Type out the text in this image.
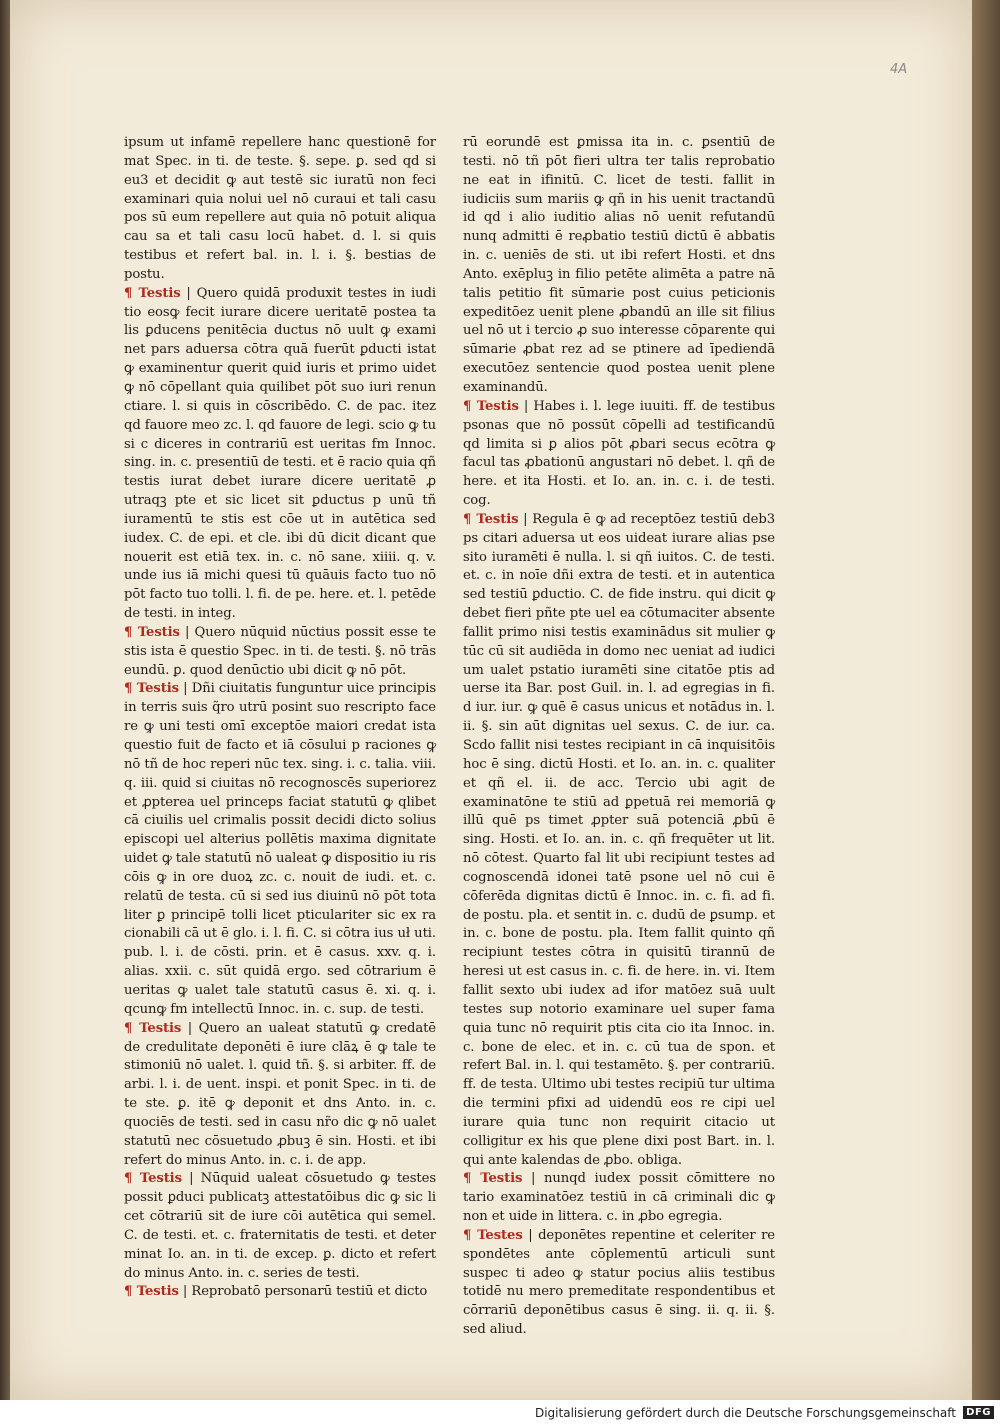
4A

ipsum ut infamē repellere hanc questionē for mat Spec. in ti. de teste. §. sepe. ꝑ. sed qd si eu3 et decidit ꝙ aut testē sic iuratū non feci examinari quia nolui uel nō curaui et tali casu pos sū eum repellere aut quia nō potuit aliqua cau sa et tali casu locū habet. d. l. si quis testibus et refert bal. in. l. i. §. bestias de postu.

¶ Testis | Quero quidā produxit testes in iudi tio eosꝙ fecit iurare dicere ueritatē postea ta lis ꝑducens penitēcia ductus nō uult ꝙ exami net pars aduersa cōtra quā fuerūt ꝑducti istat ꝙ examinentur querit quid iuris et primo uidet ꝙ nō cōpellant quia quilibet pōt suo iuri renun ctiare. l. si quis in cōscribēdo. C. de pac. itez qd fauore meo zc. l. qd fauore de legi. scio ꝙ tu si c diceres in contrariū est ueritas fm Innoc. sing. in. c. presentiū de testi. et ē racio quia qñ testis iurat debet iurare dicere ueritatē ꝓ utraqꝫ pte et sic licet sit ꝑductus p unū tñ iuramentū te stis est cōe ut in autētica sed iudex. C. de epi. et cle. ibi dū dicit dicant que nouerit est etiā tex. in. c. nō sane. xiiii. q. v. unde ius iā michi quesi tū quāuis facto tuo nō pōt facto tuo tolli. l. fi. de pe. here. et. l. petēde de testi. in integ.

¶ Testis | Quero nūquid nūctius possit esse te stis ista ē questio Spec. in ti. de testi. §. nō trās eundū. ꝑ. quod denūctio ubi dicit ꝙ nō pōt.

¶ Testis | Dñi ciuitatis funguntur uice principis in terris suis q̃ro utrū posint suo rescripto face re ꝙ uni testi omī exceptōe maiori credat ista questio fuit de facto et iā cōsului p raciones ꝙ nō tñ de hoc reperi nūc tex. sing. i. c. talia. viii. q. iii. quid si ciuitas nō recognoscēs superiorez et ꝓpterea uel princeps faciat statutū ꝙ qlibet cā ciuilis uel crimalis possit decidi dicto solius episcopi uel alterius pollētis maxima dignitate uidet ꝙ tale statutū nō ualeat ꝙ dispositio iu ris cōis ꝙ in ore duoꝝ zc. c. nouit de iudi. et. c. relatū de testa. cū si sed ius diuinū nō pōt tota liter ꝑ principē tolli licet pticulariter sic ex ra cionabili cā ut ē glo. i. l. fi. C. si cōtra ius uł uti. pub. l. i. de cōsti. prin. et ē casus. xxv. q. i. alias. xxii. c. sūt quidā ergo. sed cōtrarium ē ueritas ꝙ ualet tale statutū casus ē. xi. q. i. qcunꝙ fm intellectū Innoc. in. c. sup. de testi.

¶ Testis | Quero an ualeat statutū ꝙ credatē de credulitate deponēti ē iure clāꝝ ē ꝙ tale te stimoniū nō ualet. l. quid tñ. §. si arbiter. ff. de arbi. l. i. de uent. inspi. et ponit Spec. in ti. de te ste. ꝑ. itē ꝙ deponit et dns Anto. in. c. quociēs de testi. sed in casu nr̃o dic ꝙ nō ualet statutū nec cōsuetudo ꝓbuꝫ ē sin. Hosti. et ibi refert do minus Anto. in. c. i. de app.

¶ Testis | Nūquid ualeat cōsuetudo ꝙ testes possit ꝑduci publicatꝫ attestatōibus dic ꝙ sic li cet cōtrariū sit de iure cōi autētica qui semel. C. de testi. et. c. fraternitatis de testi. et deter minat Io. an. in ti. de excep. ꝑ. dicto et refert do minus Anto. in. c. series de testi.

¶ Testis | Reprobatō personarū testiū et dicto

rū eorundē est ꝑmissa ita in. c. ꝑsentiū de testi. nō tñ pōt fieri ultra ter talis reprobatio ne eat in ifinitū. C. licet de testi. fallit in iudiciis sum mariis ꝙ qñ in his uenit tractandū id qd i alio iuditio alias nō uenit refutandū nunq admitti ē reꝓbatio testiū dictū ē abbatis in. c. ueniēs de sti. ut ibi refert Hosti. et dns Anto. exēpluꝫ in filio petēte alimēta a patre nā talis petitio fit sūmarie post cuius peticionis expeditōez uenit plene ꝓbandū an ille sit filius uel nō ut i tercio ꝓ suo interesse cōparente qui sūmarie ꝓbat rez ad se ptinere ad īpediendā executōez sentencie quod postea uenit plene examinandū.

¶ Testis | Habes i. l. lege iuuiti. ff. de testibus psonas que nō possūt cōpelli ad testificandū qd limita si ꝑ alios pōt ꝓbari secus ecōtra ꝙ facul tas ꝓbationū angustari nō debet. l. qñ de here. et ita Hosti. et Io. an. in. c. i. de testi. cog.

¶ Testis | Regula ē ꝙ ad receptōez testiū deb3 ps citari aduersa ut eos uideat iurare alias pse sito iuramēti ē nulla. l. si qñ iuitos. C. de testi. et. c. in noīe dñi extra de testi. et in autentica sed testiū ꝑductio. C. de fide instru. qui dicit ꝙ debet fieri pñte pte uel ea cōtumaciter absente fallit primo nisi testis examinādus sit mulier ꝙ tūc cū sit audiēda in domo nec ueniat ad iudici um ualet pstatio iuramēti sine citatōe ptis ad uerse ita Bar. post Guil. in. l. ad egregias in fi. d iur. iur. ꝙ quē ē casus unicus et notādus in. l. ii. §. sin aūt dignitas uel sexus. C. de iur. ca. Scdo fallit nisi testes recipiant in cā inquisitōis hoc ē sing. dictū Hosti. et Io. an. in. c. qualiter et qñ el. ii. de acc. Tercio ubi agit de examinatōne te stiū ad ꝑpetuā rei memoriā ꝙ illū quē ps timet ꝓpter suā potenciā ꝓbū ē sing. Hosti. et Io. an. in. c. qñ frequēter ut lit. nō cōtest. Quarto fal lit ubi recipiunt testes ad cognoscendā idonei tatē psone uel nō cui ē cōferēda dignitas dictū ē Innoc. in. c. fi. ad fi. de postu. pla. et sentit in. c. dudū de ꝑsump. et in. c. bone de postu. pla. Item fallit quinto qñ recipiunt testes cōtra in quisitū tirannū de heresi ut est casus in. c. fi. de here. in. vi. Item fallit sexto ubi iudex ad ifor matōez suā uult testes sup notorio examinare uel super fama quia tunc nō requirit ptis cita cio ita Innoc. in. c. bone de elec. et in. c. cū tua de spon. et refert Bal. in. l. qui testamēto. §. per contrariū. ff. de testa. Ultimo ubi testes recipiū tur ultima die termini pfixi ad uidendū eos re cipi uel iurare quia tunc non requirit citacio ut colligitur ex his que plene dixi post Bart. in. l. qui ante kalendas de ꝓbo. obliga.

¶ Testis | nunqd iudex possit cōmittere no tario examinatōez testiū in cā criminali dic ꝙ non et uide in littera. c. in ꝓbo egregia.

¶ Testes | deponētes repentine et celeriter re spondētes ante cōplementū articuli sunt suspec ti adeo ꝙ statur pocius aliis testibus totidē nu mero premeditate respondentibus et cōrrariū deponētibus casus ē sing. ii. q. ii. §. sed aliud.

Digitalisierung gefördert durch die Deutsche Forschungsgemeinschaft	DFG
